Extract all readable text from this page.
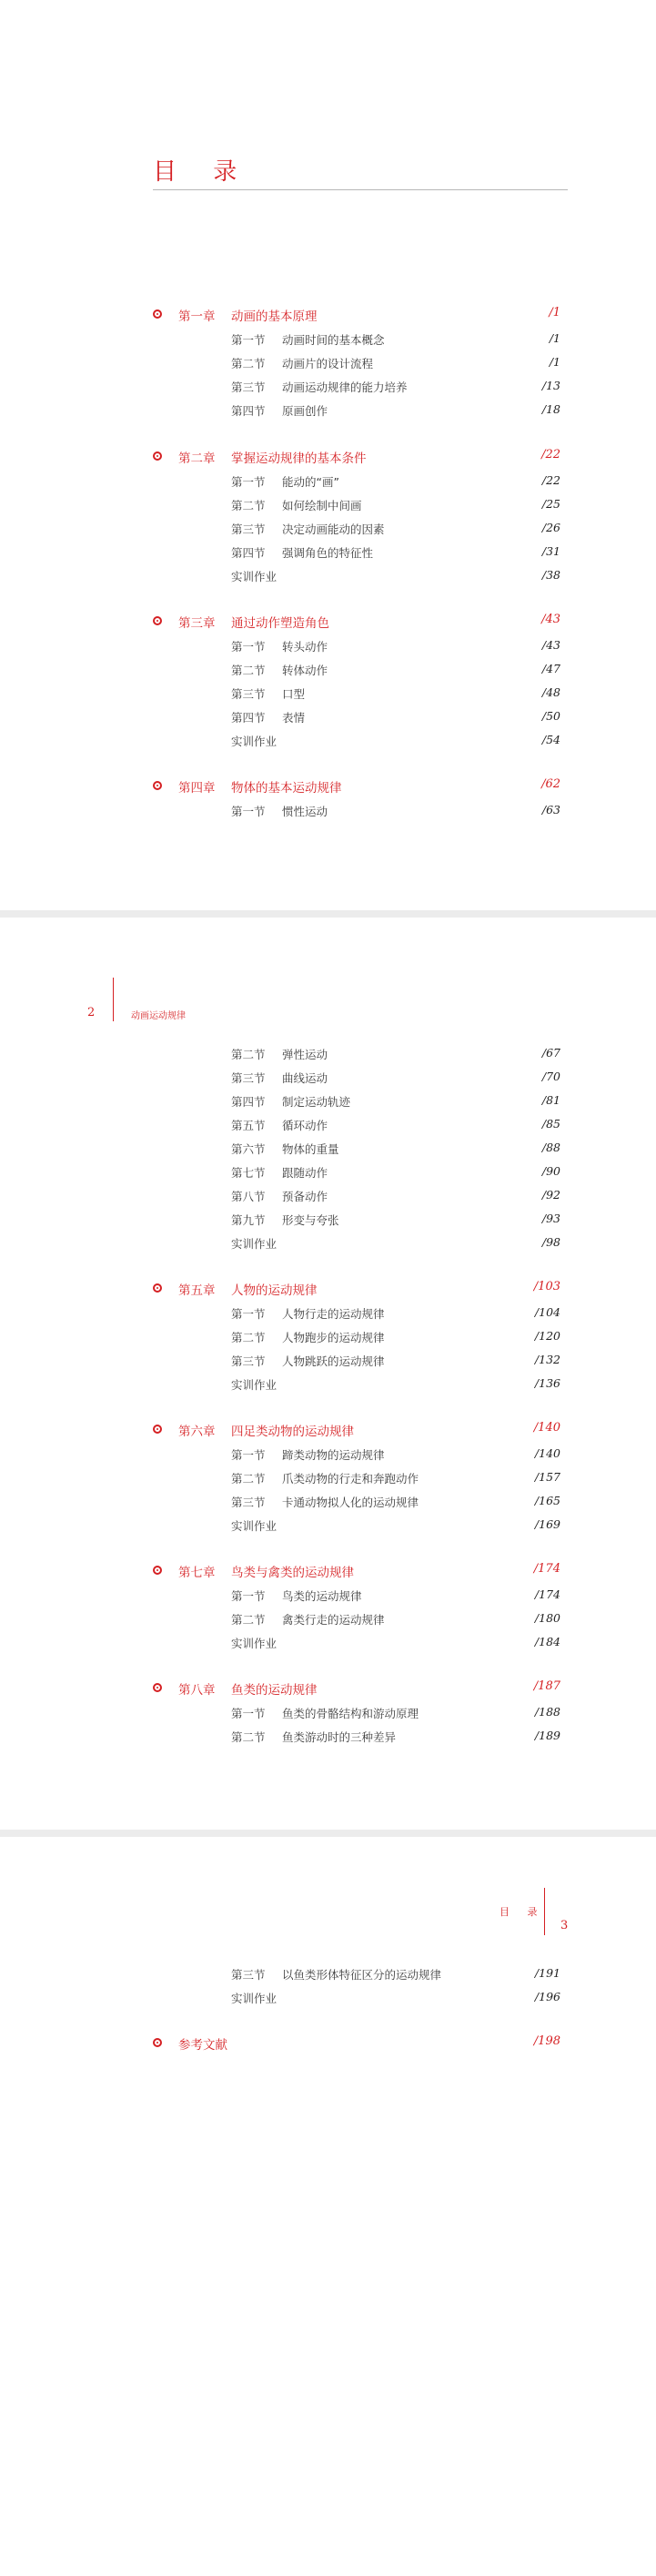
目 录
第一章 动画的基本原理	/1
第一节 动画时间的基本概念	/1
第二节 动画片的设计流程	/1
第三节 动画运动规律的能力培养	/13
第四节 原画创作	/18
第二章 掌握运动规律的基本条件	/22
第一节 能动的“画”	/22
第二节 如何绘制中间画	/25
第三节 决定动画能动的因素	/26
第四节 强调角色的特征性	/31
实训作业	/38
第三章 通过动作塑造角色	/43
第一节 转头动作	/43
第二节 转体动作	/47
第三节 口型	/48
第四节 表情	/50
实训作业	/54
第四章 物体的基本运动规律	/62
第一节 惯性运动	/63
2	动画运动规律
第二节 弹性运动	/67
第三节 曲线运动	/70
第四节 制定运动轨迹	/81
第五节 循环动作	/85
第六节 物体的重量	/88
第七节 跟随动作	/90
第八节 预备动作	/92
第九节 形变与夸张	/93
实训作业	/98
第五章 人物的运动规律	/103
第一节 人物行走的运动规律	/104
第二节 人物跑步的运动规律	/120
第三节 人物跳跃的运动规律	/132
实训作业	/136
第六章 四足类动物的运动规律	/140
第一节 蹄类动物的运动规律	/140
第二节 爪类动物的行走和奔跑动作	/157
第三节 卡通动物拟人化的运动规律	/165
实训作业	/169
第七章 鸟类与禽类的运动规律	/174
第一节 鸟类的运动规律	/174
第二节 禽类行走的运动规律	/180
实训作业	/184
第八章 鱼类的运动规律	/187
第一节 鱼类的骨骼结构和游动原理	/188
第二节 鱼类游动时的三种差异	/189
目 录
3
第三节 以鱼类形体特征区分的运动规律	/191
实训作业	/196
参考文献	/198
